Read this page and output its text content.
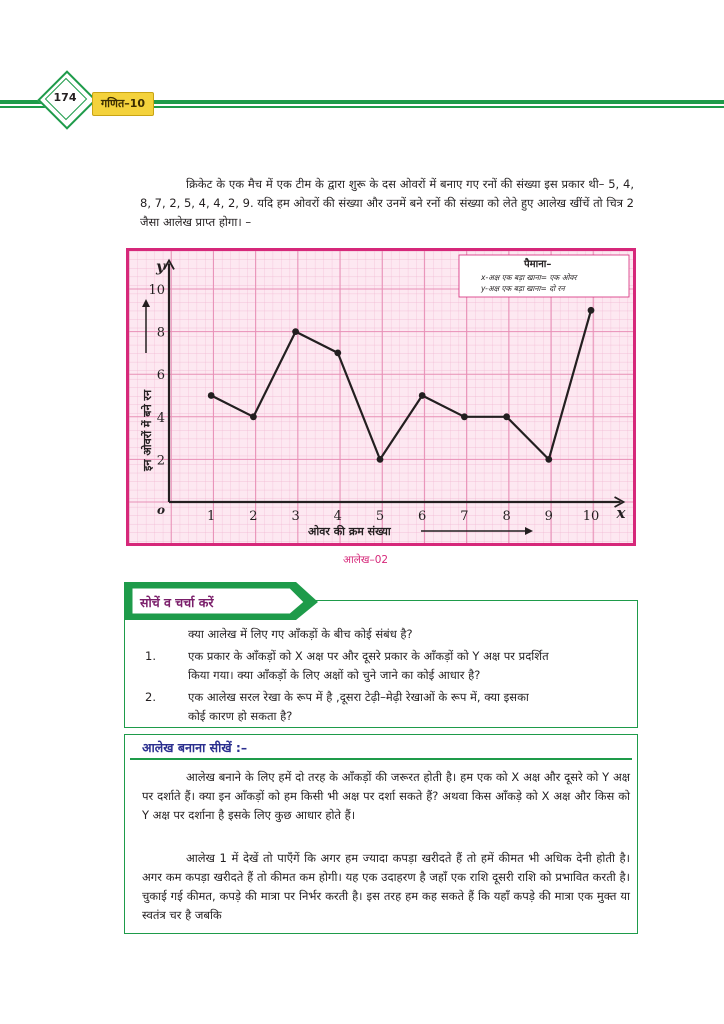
174	गणित–10
क्रिकेट के एक मैच में एक टीम के द्वारा शुरू के दस ओवरों में बनाए गए रनों की संख्या इस प्रकार थी– 5, 4, 8, 7, 2, 5, 4, 4, 2, 9. यदि हम ओवरों की संख्या और उनमें बने रनों की संख्या को लेते हुए आलेख खींचें तो चित्र 2 जैसा आलेख प्राप्त होगा। –
पैमाना–
x-अक्ष एक बड़ा खाना= एक ओवर
y-अक्ष एक बड़ा खाना= दो रन
x
y
o	1	2	3	4	5	6	7	8	9 10
2
4
6
8
10
ओवर की क्रम संख्या
इन ओवरों में बने रन
आलेख–02
सोचें व चर्चा करें
क्या आलेख में लिए गए आँकड़ों के बीच कोई संबंध है?
1.	एक प्रकार के आँकड़ों को X अक्ष पर और दूसरे प्रकार के आँकड़ों को Y अक्ष पर प्रदर्शित
किया गया। क्या आँकड़ों के लिए अक्षों को चुने जाने का कोई आधार है?
2.	एक आलेख सरल रेखा के रूप में है ,दूसरा टेढ़ी–मेढ़ी रेखाओं के रूप में, क्या इसका
कोई कारण हो सकता है?
आलेख बनाना सीखें :–
आलेख बनाने के लिए हमें दो तरह के आँकड़ों की जरूरत होती है। हम एक को X अक्ष और दूसरे को Y अक्ष पर दर्शाते हैं। क्या इन आँकड़ों को हम किसी भी अक्ष पर दर्शा सकते हैं? अथवा किस आँकड़े को X अक्ष और किस को Y अक्ष पर दर्शाना है इसके लिए कुछ आधार होते हैं।
आलेख 1 में देखें तो पाएँगें कि अगर हम ज्यादा कपड़ा खरीदते हैं तो हमें कीमत भी अधिक देनी होती है। अगर कम कपड़ा खरीदते हैं तो कीमत कम होगी। यह एक उदाहरण है जहाँ एक राशि दूसरी राशि को प्रभावित करती है। चुकाई गई कीमत, कपड़े की मात्रा पर निर्भर करती है। इस तरह हम कह सकते हैं कि यहाँ कपड़े की मात्रा एक मुक्त या स्वतंत्र चर है जबकि
